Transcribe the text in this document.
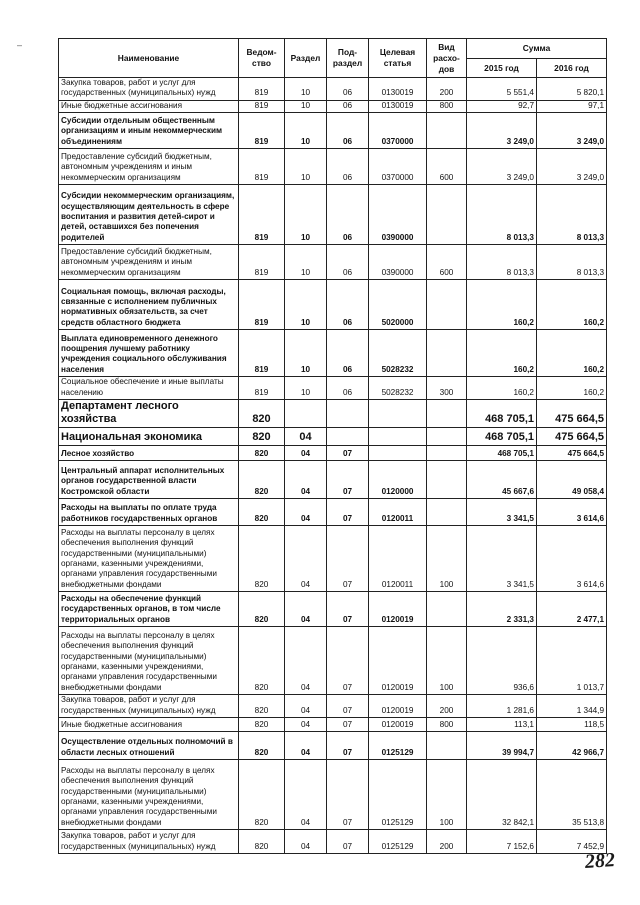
–
Наименование	Ведом-ство	Раздел	Под-раздел	Целевая статья	Вид расхо-дов	Сумма	
						2015 год	2016 год
Закупка товаров, работ и услуг для государственных (муниципальных) нужд	819	10	06	0130019	200	5 551,4	5 820,1
Иные бюджетные ассигнования	819	10	06	0130019	800	92,7	97,1
Субсидии отдельным общественным организациям и иным некоммерческим объединениям	819	10	06	0370000		3 249,0	3 249,0
Предоставление субсидий бюджетным, автономным учреждениям и иным некоммерческим организациям	819	10	06	0370000	600	3 249,0	3 249,0
Субсидии некоммерческим организациям, осуществляющим деятельность в сфере воспитания и развития детей-сирот и детей, оставшихся без попечения родителей	819	10	06	0390000		8 013,3	8 013,3
Предоставление субсидий бюджетным, автономным учреждениям и иным некоммерческим организациям	819	10	06	0390000	600	8 013,3	8 013,3
Социальная помощь, включая расходы, связанные с исполнением публичных нормативных обязательств, за счет средств областного бюджета	819	10	06	5020000		160,2	160,2
Выплата единовременного денежного поощрения лучшему работнику учреждения социального обслуживания населения	819	10	06	5028232		160,2	160,2
Социальное обеспечение и иные выплаты населению	819	10	06	5028232	300	160,2	160,2
Департамент лесного хозяйства	820					468 705,1	475 664,5
Национальная экономика	820	04				468 705,1	475 664,5
Лесное хозяйство	820	04	07			468 705,1	475 664,5
Центральный аппарат исполнительных органов государственной власти Костромской области	820	04	07	0120000		45 667,6	49 058,4
Расходы на выплаты по оплате труда работников государственных органов	820	04	07	0120011		3 341,5	3 614,6
Расходы на выплаты персоналу в целях обеспечения выполнения функций государственными (муниципальными) органами, казенными учреждениями, органами управления государственными внебюджетными фондами	820	04	07	0120011	100	3 341,5	3 614,6
Расходы на обеспечение функций государственных органов, в том числе территориальных органов	820	04	07	0120019		2 331,3	2 477,1
Расходы на выплаты персоналу в целях обеспечения выполнения функций государственными (муниципальными) органами, казенными учреждениями, органами управления государственными внебюджетными фондами	820	04	07	0120019	100	936,6	1 013,7
Закупка товаров, работ и услуг для государственных (муниципальных) нужд	820	04	07	0120019	200	1 281,6	1 344,9
Иные бюджетные ассигнования	820	04	07	0120019	800	113,1	118,5
Осуществление отдельных полномочий в области лесных отношений	820	04	07	0125129		39 994,7	42 966,7
Расходы на выплаты персоналу в целях обеспечения выполнения функций государственными (муниципальными) органами, казенными учреждениями, органами управления государственными внебюджетными фондами	820	04	07	0125129	100	32 842,1	35 513,8
Закупка товаров, работ и услуг для государственных (муниципальных) нужд	820	04	07	0125129	200	7 152,6	7 452,9
282
